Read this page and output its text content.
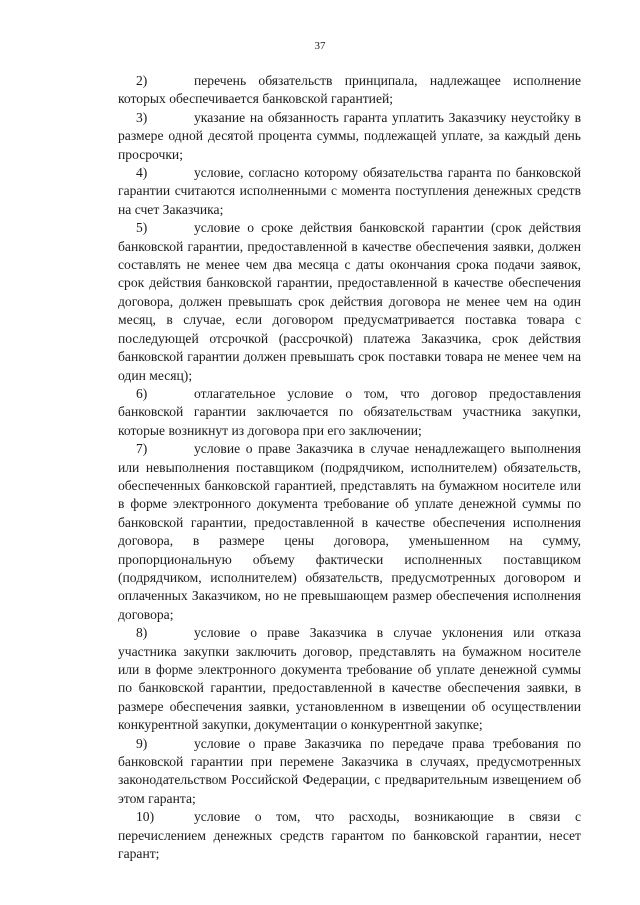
37

2)	перечень обязательств принципала, надлежащее исполнение которых обеспечивается банковской гарантией;

3)	указание на обязанность гаранта уплатить Заказчику неустойку в размере одной десятой процента суммы, подлежащей уплате, за каждый день просрочки;

4)	условие, согласно которому обязательства гаранта по банковской гарантии считаются исполненными с момента поступления денежных средств на счет Заказчика;

5)	условие о сроке действия банковской гарантии (срок действия банковской гарантии, предоставленной в качестве обеспечения заявки, должен составлять не менее чем два месяца с даты окончания срока подачи заявок, срок действия банковской гарантии, предоставленной в качестве обеспечения договора, должен превышать срок действия договора не менее чем на один месяц, в случае, если договором предусматривается поставка товара с последующей отсрочкой (рассрочкой) платежа Заказчика, срок действия банковской гарантии должен превышать срок поставки товара не менее чем на один месяц);

6)	отлагательное условие о том, что договор предоставления банковской гарантии заключается по обязательствам участника закупки, которые возникнут из договора при его заключении;

7)	условие о праве Заказчика в случае ненадлежащего выполнения или невыполнения поставщиком (подрядчиком, исполнителем) обязательств, обеспеченных банковской гарантией, представлять на бумажном носителе или в форме электронного документа требование об уплате денежной суммы по банковской гарантии, предоставленной в качестве обеспечения исполнения договора, в размере цены договора, уменьшенном на сумму, пропорциональную объему фактически исполненных поставщиком (подрядчиком, исполнителем) обязательств, предусмотренных договором и оплаченных Заказчиком, но не превышающем размер обеспечения исполнения договора;

8)	условие о праве Заказчика в случае уклонения или отказа участника закупки заключить договор, представлять на бумажном носителе или в форме электронного документа требование об уплате денежной суммы по банковской гарантии, предоставленной в качестве обеспечения заявки, в размере обеспечения заявки, установленном в извещении об осуществлении конкурентной закупки, документации о конкурентной закупке;

9)	условие о праве Заказчика по передаче права требования по банковской гарантии при перемене Заказчика в случаях, предусмотренных законодательством Российской Федерации, с предварительным извещением об этом гаранта;

10)	условие о том, что расходы, возникающие в связи с перечислением денежных средств гарантом по банковской гарантии, несет гарант;
